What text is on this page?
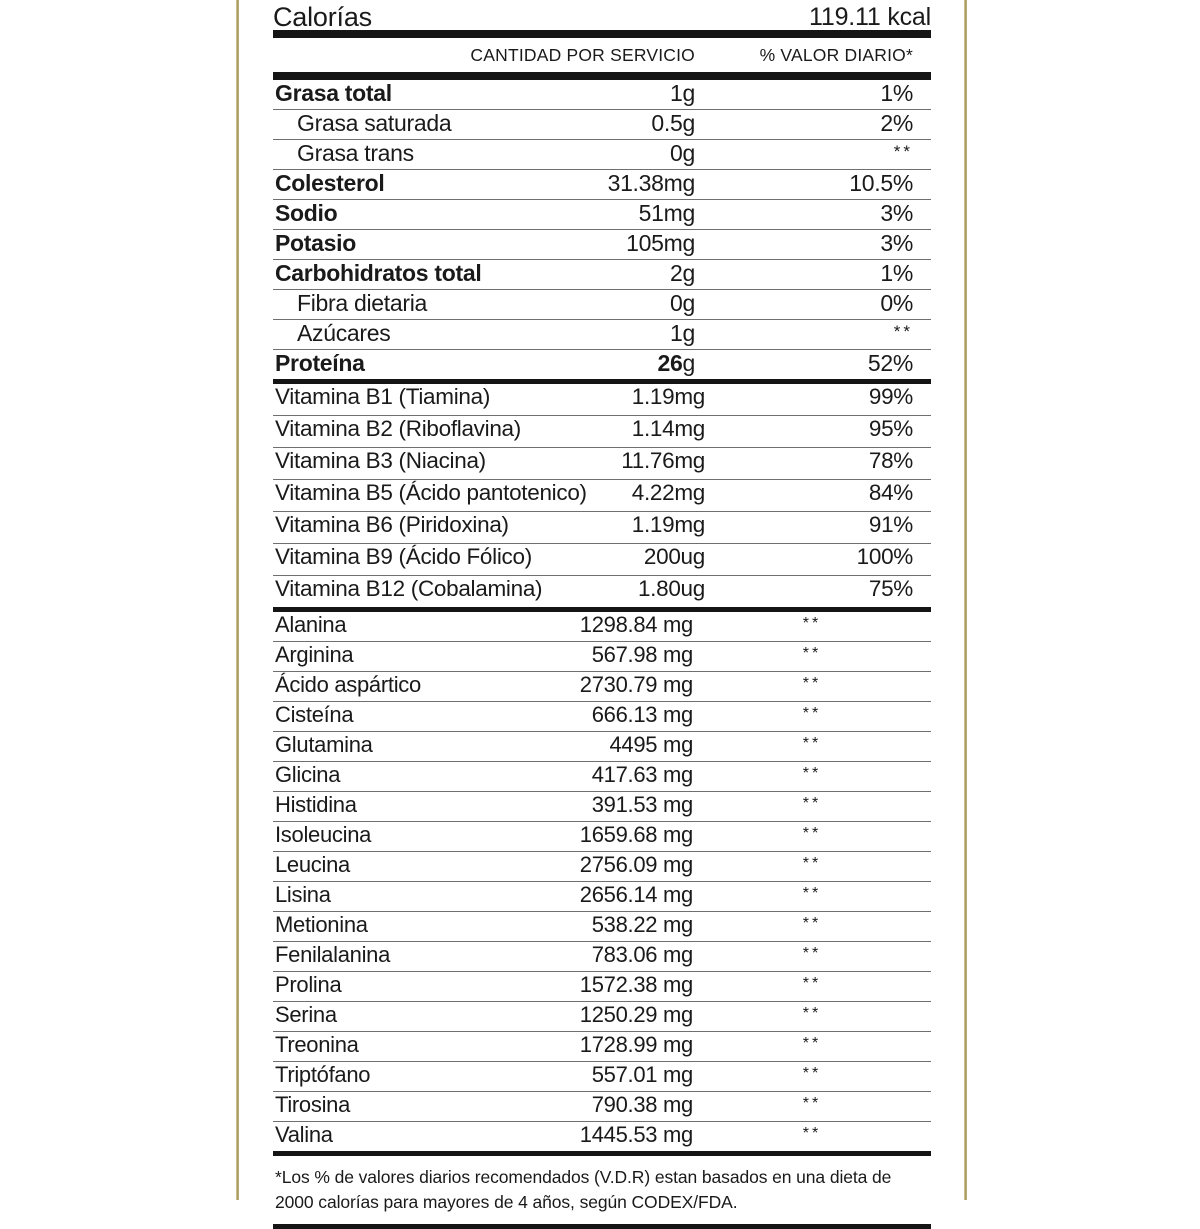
Calorías	119.11 kcal
CANTIDAD POR SERVICIO	% VALOR DIARIO*
Grasa total	1g	1%
Grasa saturada	0.5g	2%
Grasa trans	0g	**
Colesterol	31.38mg	10.5%
Sodio	51mg	3%
Potasio	105mg	3%
Carbohidratos total	2g	1%
Fibra dietaria	0g	0%
Azúcares	1g	**
Proteína	26g	52%
Vitamina B1 (Tiamina)	1.19mg	99%
Vitamina B2 (Riboflavina)	1.14mg	95%
Vitamina B3 (Niacina)	11.76mg	78%
Vitamina B5 (Ácido pantotenico)	4.22mg	84%
Vitamina B6 (Piridoxina)	1.19mg	91%
Vitamina B9 (Ácido Fólico)	200ug	100%
Vitamina B12 (Cobalamina)	1.80ug	75%
Alanina	1298.84 mg	**
Arginina	567.98 mg	**
Ácido aspártico	2730.79 mg	**
Cisteína	666.13 mg	**
Glutamina	4495 mg	**
Glicina	417.63 mg	**
Histidina	391.53 mg	**
Isoleucina	1659.68 mg	**
Leucina	2756.09 mg	**
Lisina	2656.14 mg	**
Metionina	538.22 mg	**
Fenilalanina	783.06 mg	**
Prolina	1572.38 mg	**
Serina	1250.29 mg	**
Treonina	1728.99 mg	**
Triptófano	557.01 mg	**
Tirosina	790.38 mg	**
Valina	1445.53 mg	**
*Los % de valores diarios recomendados (V.D.R) estan basados en una dieta de 2000 calorías para mayores de 4 años, según CODEX/FDA.
